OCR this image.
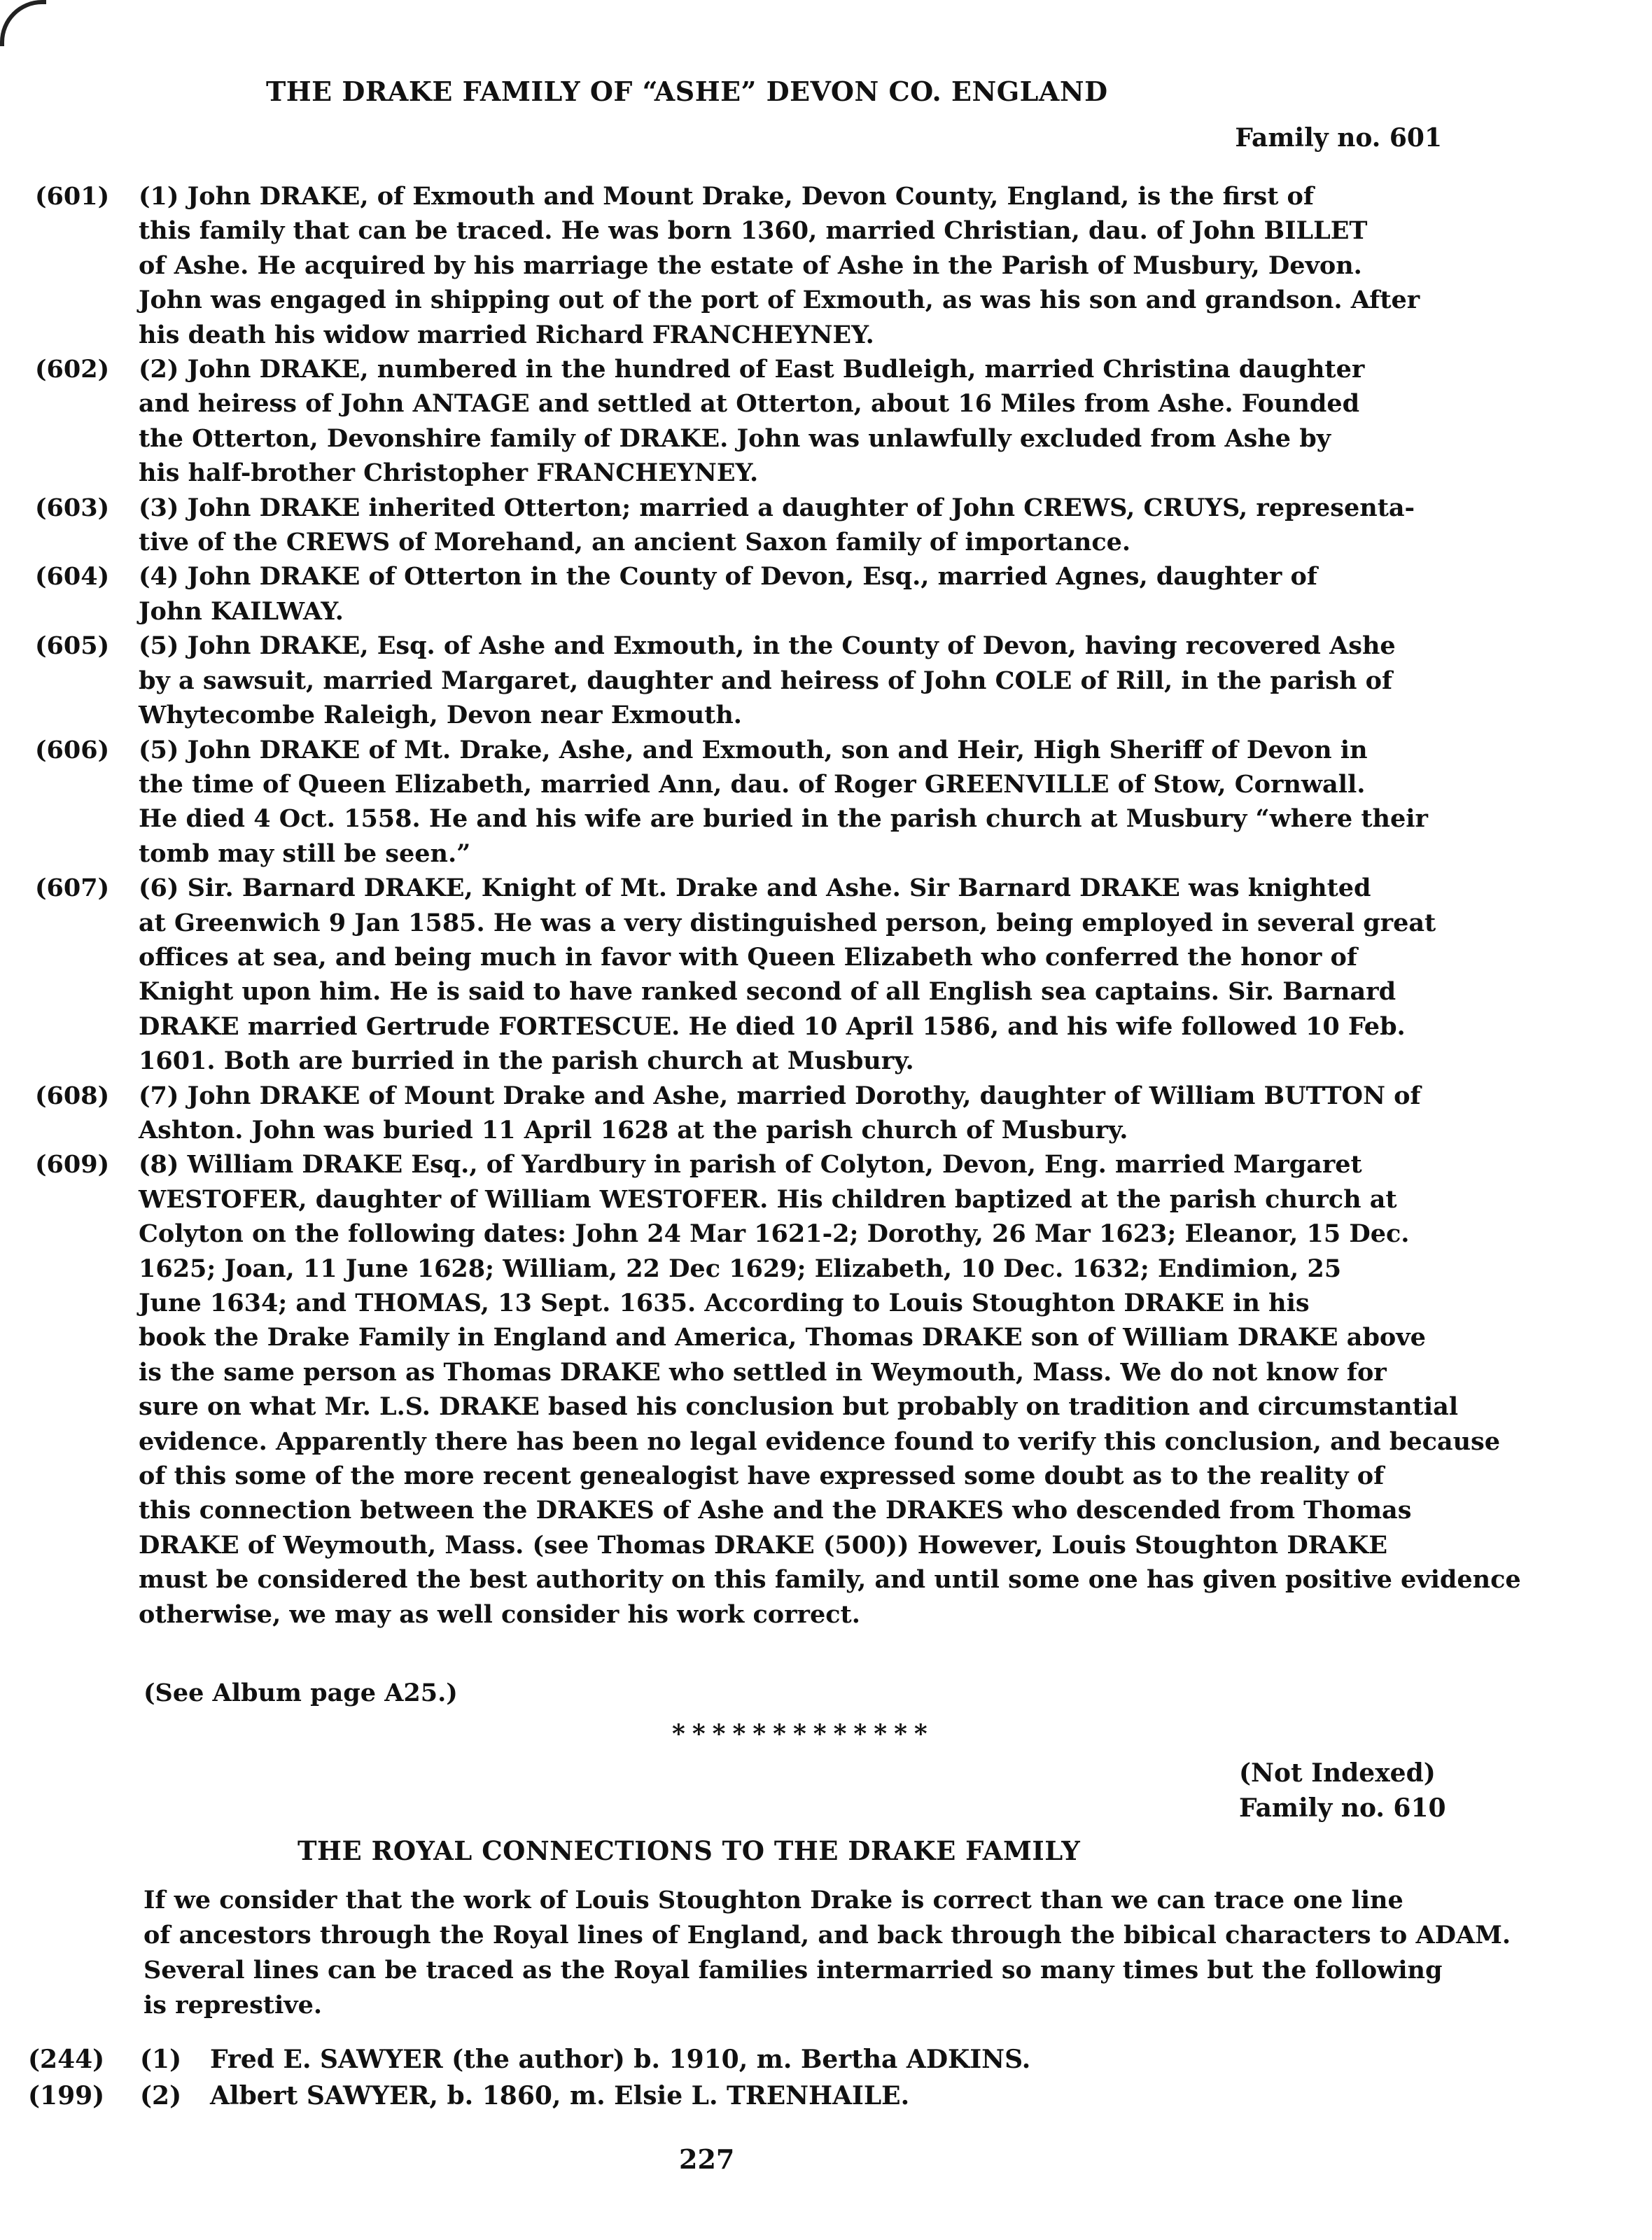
THE DRAKE FAMILY OF “ASHE” DEVON CO. ENGLAND
Family no. 601
(601)	(1) John DRAKE, of Exmouth and Mount Drake, Devon County, England, is the first of
this family that can be traced. He was born 1360, married Christian, dau. of John BILLET
of Ashe. He acquired by his marriage the estate of Ashe in the Parish of Musbury, Devon.
John was engaged in shipping out of the port of Exmouth, as was his son and grandson. After
his death his widow married Richard FRANCHEYNEY.
(602)	(2) John DRAKE, numbered in the hundred of East Budleigh, married Christina daughter
and heiress of John ANTAGE and settled at Otterton, about 16 Miles from Ashe. Founded
the Otterton, Devonshire family of DRAKE. John was unlawfully excluded from Ashe by
his half-brother Christopher FRANCHEYNEY.
(603)	(3) John DRAKE inherited Otterton; married a daughter of John CREWS, CRUYS, representa-
tive of the CREWS of Morehand, an ancient Saxon family of importance.
(604)	(4) John DRAKE of Otterton in the County of Devon, Esq., married Agnes, daughter of
John KAILWAY.
(605)	(5) John DRAKE, Esq. of Ashe and Exmouth, in the County of Devon, having recovered Ashe
by a sawsuit, married Margaret, daughter and heiress of John COLE of Rill, in the parish of
Whytecombe Raleigh, Devon near Exmouth.
(606)	(5) John DRAKE of Mt. Drake, Ashe, and Exmouth, son and Heir, High Sheriff of Devon in
the time of Queen Elizabeth, married Ann, dau. of Roger GREENVILLE of Stow, Cornwall.
He died 4 Oct. 1558. He and his wife are buried in the parish church at Musbury “where their
tomb may still be seen.”
(607)	(6) Sir. Barnard DRAKE, Knight of Mt. Drake and Ashe. Sir Barnard DRAKE was knighted
at Greenwich 9 Jan 1585. He was a very distinguished person, being employed in several great
offices at sea, and being much in favor with Queen Elizabeth who conferred the honor of
Knight upon him. He is said to have ranked second of all English sea captains. Sir. Barnard
DRAKE married Gertrude FORTESCUE. He died 10 April 1586, and his wife followed 10 Feb.
1601. Both are burried in the parish church at Musbury.
(608)	(7) John DRAKE of Mount Drake and Ashe, married Dorothy, daughter of William BUTTON of
Ashton. John was buried 11 April 1628 at the parish church of Musbury.
(609)	(8) William DRAKE Esq., of Yardbury in parish of Colyton, Devon, Eng. married Margaret
WESTOFER, daughter of William WESTOFER. His children baptized at the parish church at
Colyton on the following dates: John 24 Mar 1621-2; Dorothy, 26 Mar 1623; Eleanor, 15 Dec.
1625; Joan, 11 June 1628; William, 22 Dec 1629; Elizabeth, 10 Dec. 1632; Endimion, 25
June 1634; and THOMAS, 13 Sept. 1635. According to Louis Stoughton DRAKE in his
book the Drake Family in England and America, Thomas DRAKE son of William DRAKE above
is the same person as Thomas DRAKE who settled in Weymouth, Mass. We do not know for
sure on what Mr. L.S. DRAKE based his conclusion but probably on tradition and circumstantial
evidence. Apparently there has been no legal evidence found to verify this conclusion, and because
of this some of the more recent genealogist have expressed some doubt as to the reality of
this connection between the DRAKES of Ashe and the DRAKES who descended from Thomas
DRAKE of Weymouth, Mass. (see Thomas DRAKE (500)) However, Louis Stoughton DRAKE
must be considered the best authority on this family, and until some one has given positive evidence
otherwise, we may as well consider his work correct.
(See Album page A25.)
*************
(Not Indexed)
Family no. 610
THE ROYAL CONNECTIONS TO THE DRAKE FAMILY
If we consider that the work of Louis Stoughton Drake is correct than we can trace one line
of ancestors through the Royal lines of England, and back through the bibical characters to ADAM.
Several lines can be traced as the Royal families intermarried so many times but the following
is represtive.
(244)	(1)	Fred E. SAWYER (the author) b. 1910, m. Bertha ADKINS.
(199)	(2)	Albert SAWYER, b. 1860, m. Elsie L. TRENHAILE.
227
